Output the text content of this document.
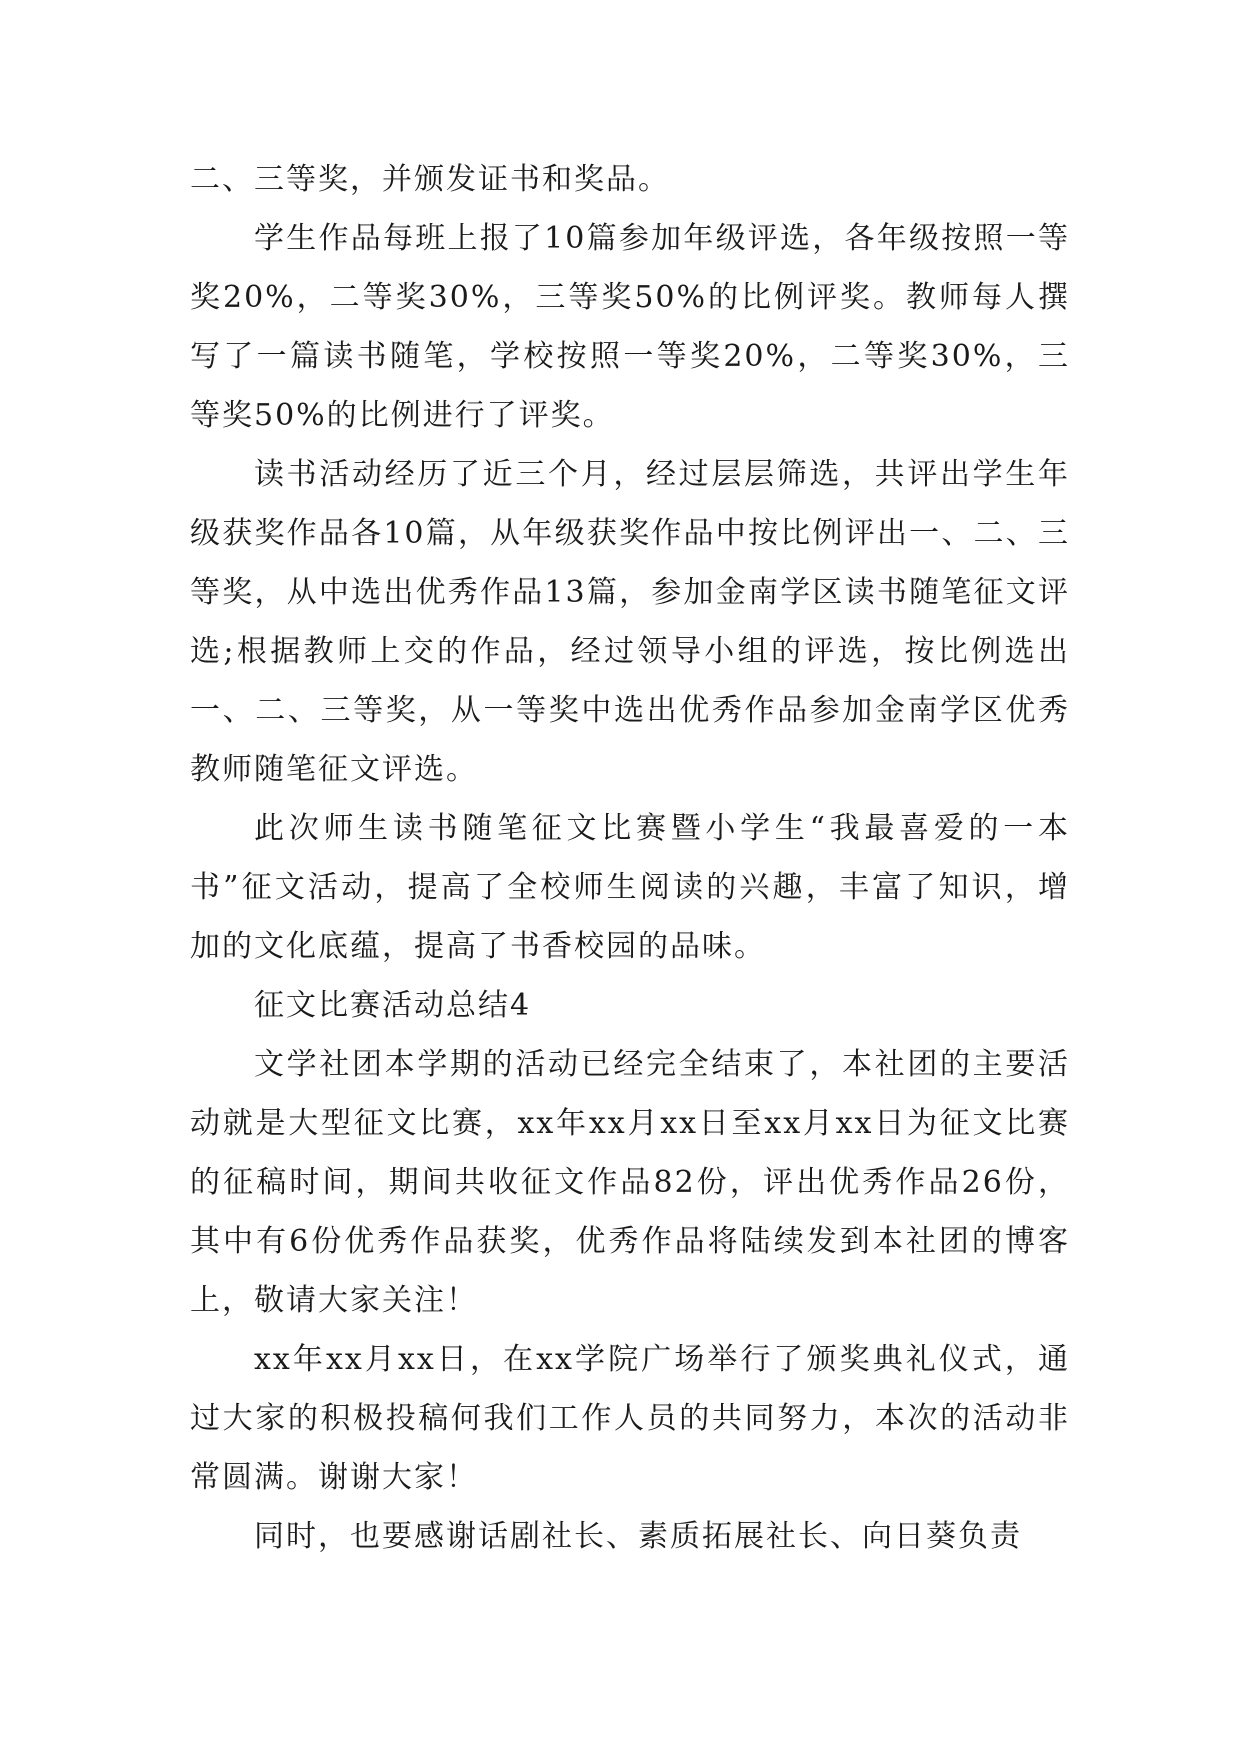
二、三等奖，并颁发证书和奖品。

学生作品每班上报了10篇参加年级评选，各年级按照一等奖20%，二等奖30%，三等奖50%的比例评奖。教师每人撰写了一篇读书随笔，学校按照一等奖20%，二等奖30%，三等奖50%的比例进行了评奖。

读书活动经历了近三个月，经过层层筛选，共评出学生年级获奖作品各10篇，从年级获奖作品中按比例评出一、二、三等奖，从中选出优秀作品13篇，参加金南学区读书随笔征文评选;根据教师上交的作品，经过领导小组的评选，按比例选出一、二、三等奖，从一等奖中选出优秀作品参加金南学区优秀教师随笔征文评选。

此次师生读书随笔征文比赛暨小学生“我最喜爱的一本书”征文活动，提高了全校师生阅读的兴趣，丰富了知识，增加的文化底蕴，提高了书香校园的品味。

征文比赛活动总结4

文学社团本学期的活动已经完全结束了，本社团的主要活动就是大型征文比赛，xx年xx月xx日至xx月xx日为征文比赛的征稿时间，期间共收征文作品82份，评出优秀作品26份，其中有6份优秀作品获奖，优秀作品将陆续发到本社团的博客上，敬请大家关注！

xx年xx月xx日，在xx学院广场举行了颁奖典礼仪式，通过大家的积极投稿何我们工作人员的共同努力，本次的活动非常圆满。谢谢大家！

同时，也要感谢话剧社长、素质拓展社长、向日葵负责
